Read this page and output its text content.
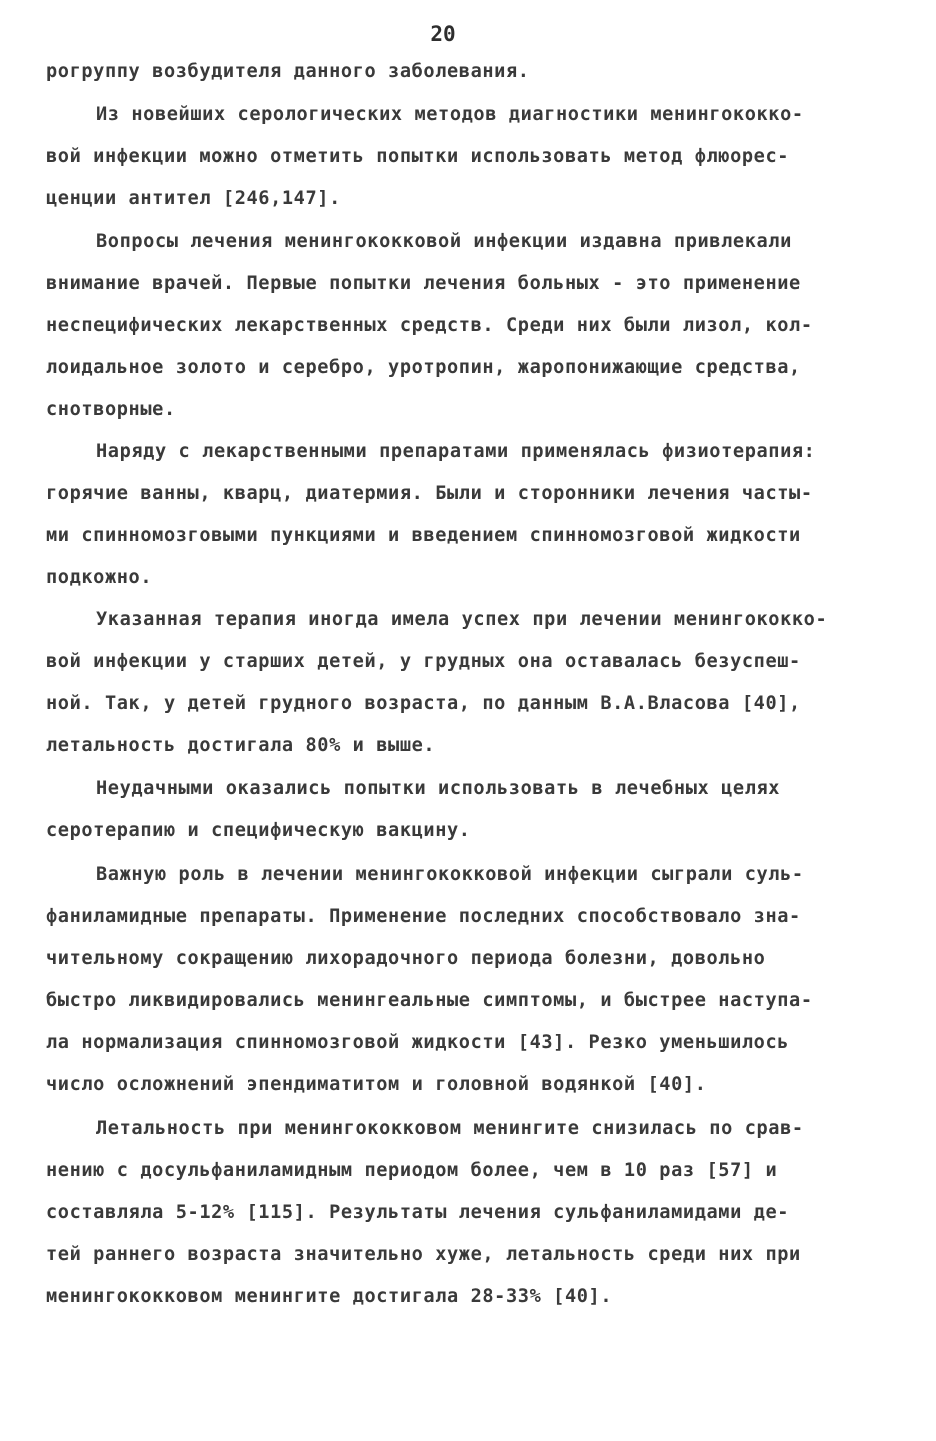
20
рогруппу возбудителя данного заболевания.
Из новейших серологических методов диагностики менингококко-
вой инфекции можно отметить попытки использовать метод флюорес-
ценции антител [246,147].
Вопросы лечения менингококковой инфекции издавна привлекали
внимание врачей. Первые попытки лечения больных - это применение
неспецифических лекарственных средств. Среди них были лизол, кол-
лоидальное золото и серебро, уротропин, жаропонижающие средства,
снотворные.
Наряду с лекарственными препаратами применялась физиотерапия:
горячие ванны, кварц, диатермия. Были и сторонники лечения часты-
ми спинномозговыми пункциями и введением спинномозговой жидкости
подкожно.
Указанная терапия иногда имела успех при лечении менингококко-
вой инфекции у старших детей, у грудных она оставалась безуспеш-
ной. Так, у детей грудного возраста, по данным В.А.Власова [40],
летальность достигала 80% и выше.
Неудачными оказались попытки использовать в лечебных целях
серотерапию и специфическую вакцину.
Важную роль в лечении менингококковой инфекции сыграли суль-
фаниламидные препараты. Применение последних способствовало зна-
чительному сокращению лихорадочного периода болезни, довольно
быстро ликвидировались менингеальные симптомы, и быстрее наступа-
ла нормализация спинномозговой жидкости [43]. Резко уменьшилось
число осложнений эпендиматитом и головной водянкой [40].
Летальность при менингококковом менингите снизилась по срав-
нению с досульфаниламидным периодом более, чем в 10 раз [57] и
составляла 5-12% [115]. Результаты лечения сульфаниламидами де-
тей раннего возраста значительно хуже, летальность среди них при
менингококковом менингите достигала 28-33% [40].
